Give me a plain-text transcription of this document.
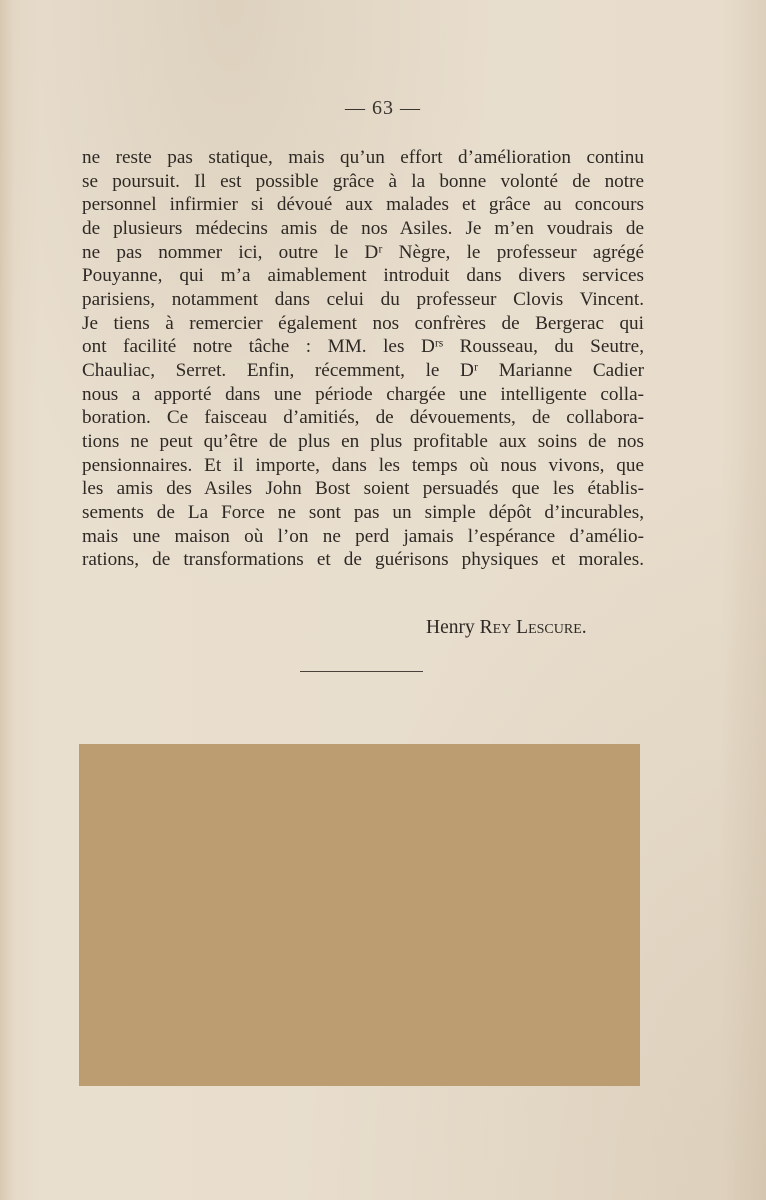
— 63 —
ne reste pas statique, mais qu’un effort d’amélioration continu
se poursuit. Il est possible grâce à la bonne volonté de notre
personnel infirmier si dévoué aux malades et grâce au concours
de plusieurs médecins amis de nos Asiles. Je m’en voudrais de
ne pas nommer ici, outre le Dʳ Nègre, le professeur agrégé
Pouyanne, qui m’a aimablement introduit dans divers services
parisiens, notamment dans celui du professeur Clovis Vincent.
Je tiens à remercier également nos confrères de Bergerac qui
ont facilité notre tâche : MM. les Dʳˢ Rousseau, du Seutre,
Chauliac, Serret. Enfin, récemment, le Dʳ Marianne Cadier
nous a apporté dans une période chargée une intelligente colla-
boration. Ce faisceau d’amitiés, de dévouements, de collabora-
tions ne peut qu’être de plus en plus profitable aux soins de nos
pensionnaires. Et il importe, dans les temps où nous vivons, que
les amis des Asiles John Bost soient persuadés que les établis-
sements de La Force ne sont pas un simple dépôt d’incurables,
mais une maison où l’on ne perd jamais l’espérance d’amélio-
rations, de transformations et de guérisons physiques et morales.
Henry Rey Lescure.
